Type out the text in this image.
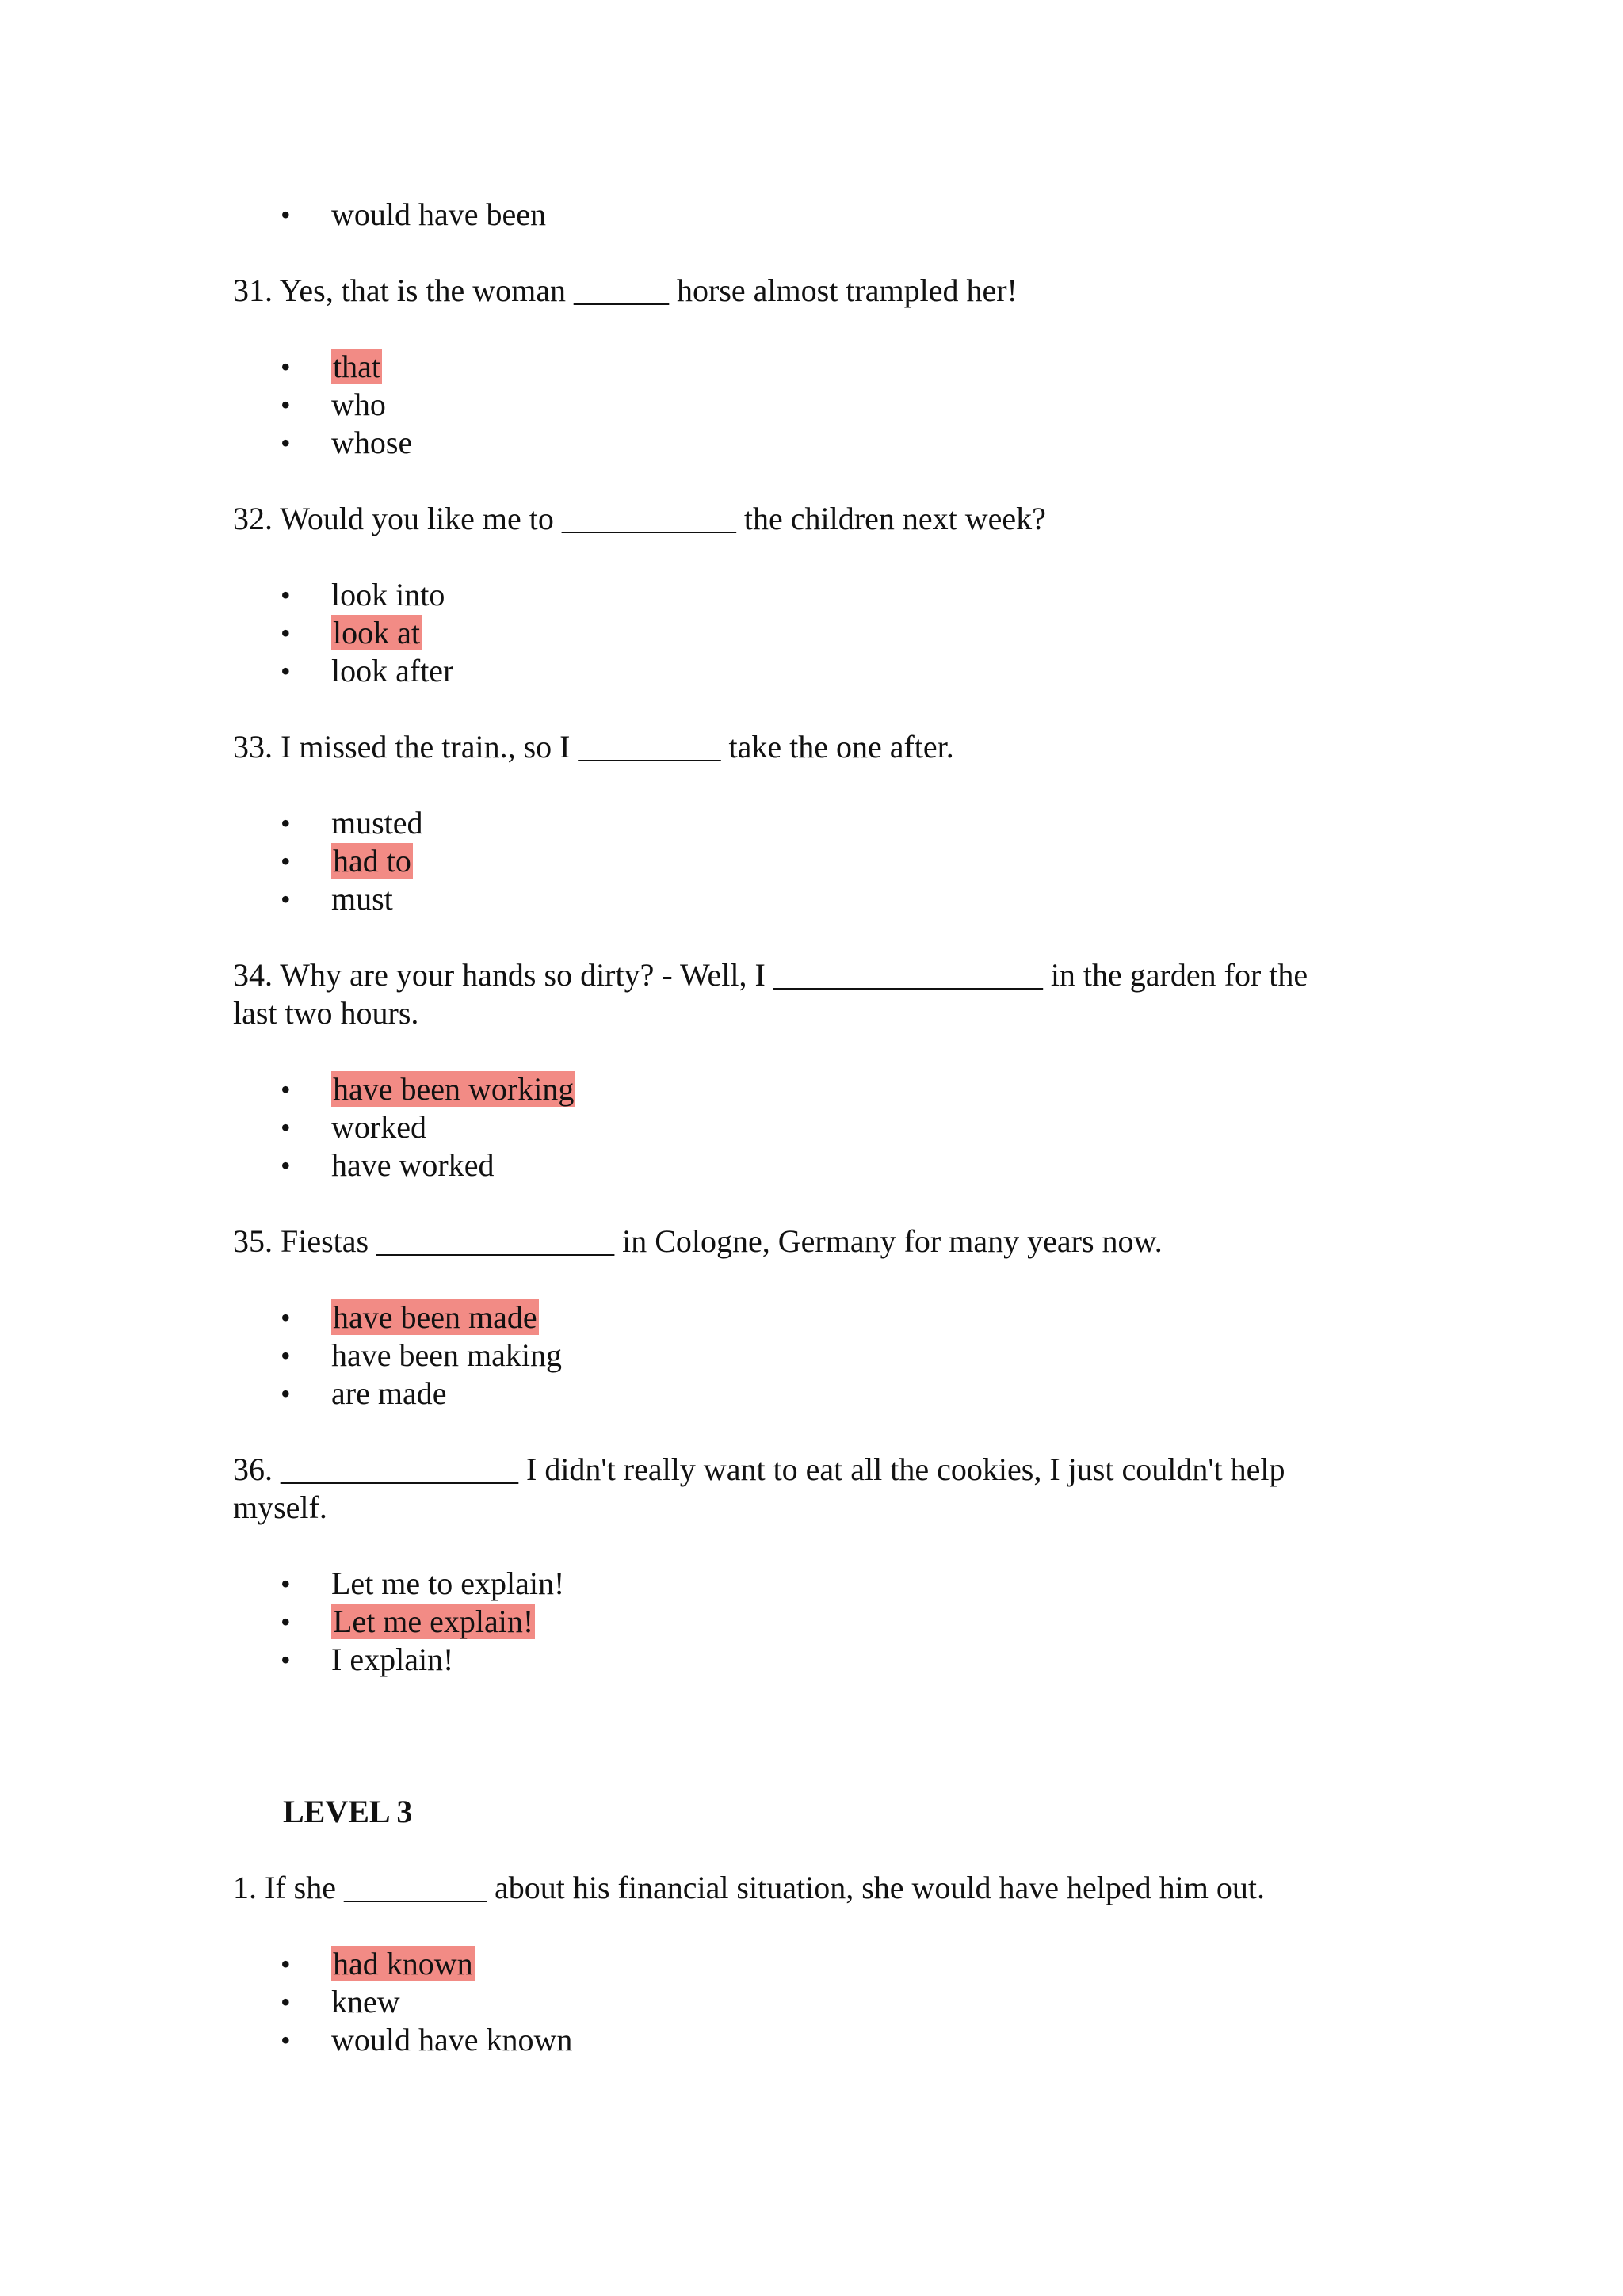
• would have been
31. Yes, that is the woman ______ horse almost trampled her!
• that
• who
• whose
32. Would you like me to ___________ the children next week?
• look into
• look at
• look after
33. I missed the train., so I _________ take the one after.
• musted
• had to
• must
34. Why are your hands so dirty? - Well, I _________________ in the garden for the
last two hours.
• have been working
• worked
• have worked
35. Fiestas _______________ in Cologne, Germany for many years now.
• have been made
• have been making
• are made
36. _______________ I didn't really want to eat all the cookies, I just couldn't help
myself.
• Let me to explain!
• Let me explain!
• I explain!
LEVEL 3
1. If she _________ about his financial situation, she would have helped him out.
• had known
• knew
• would have known
